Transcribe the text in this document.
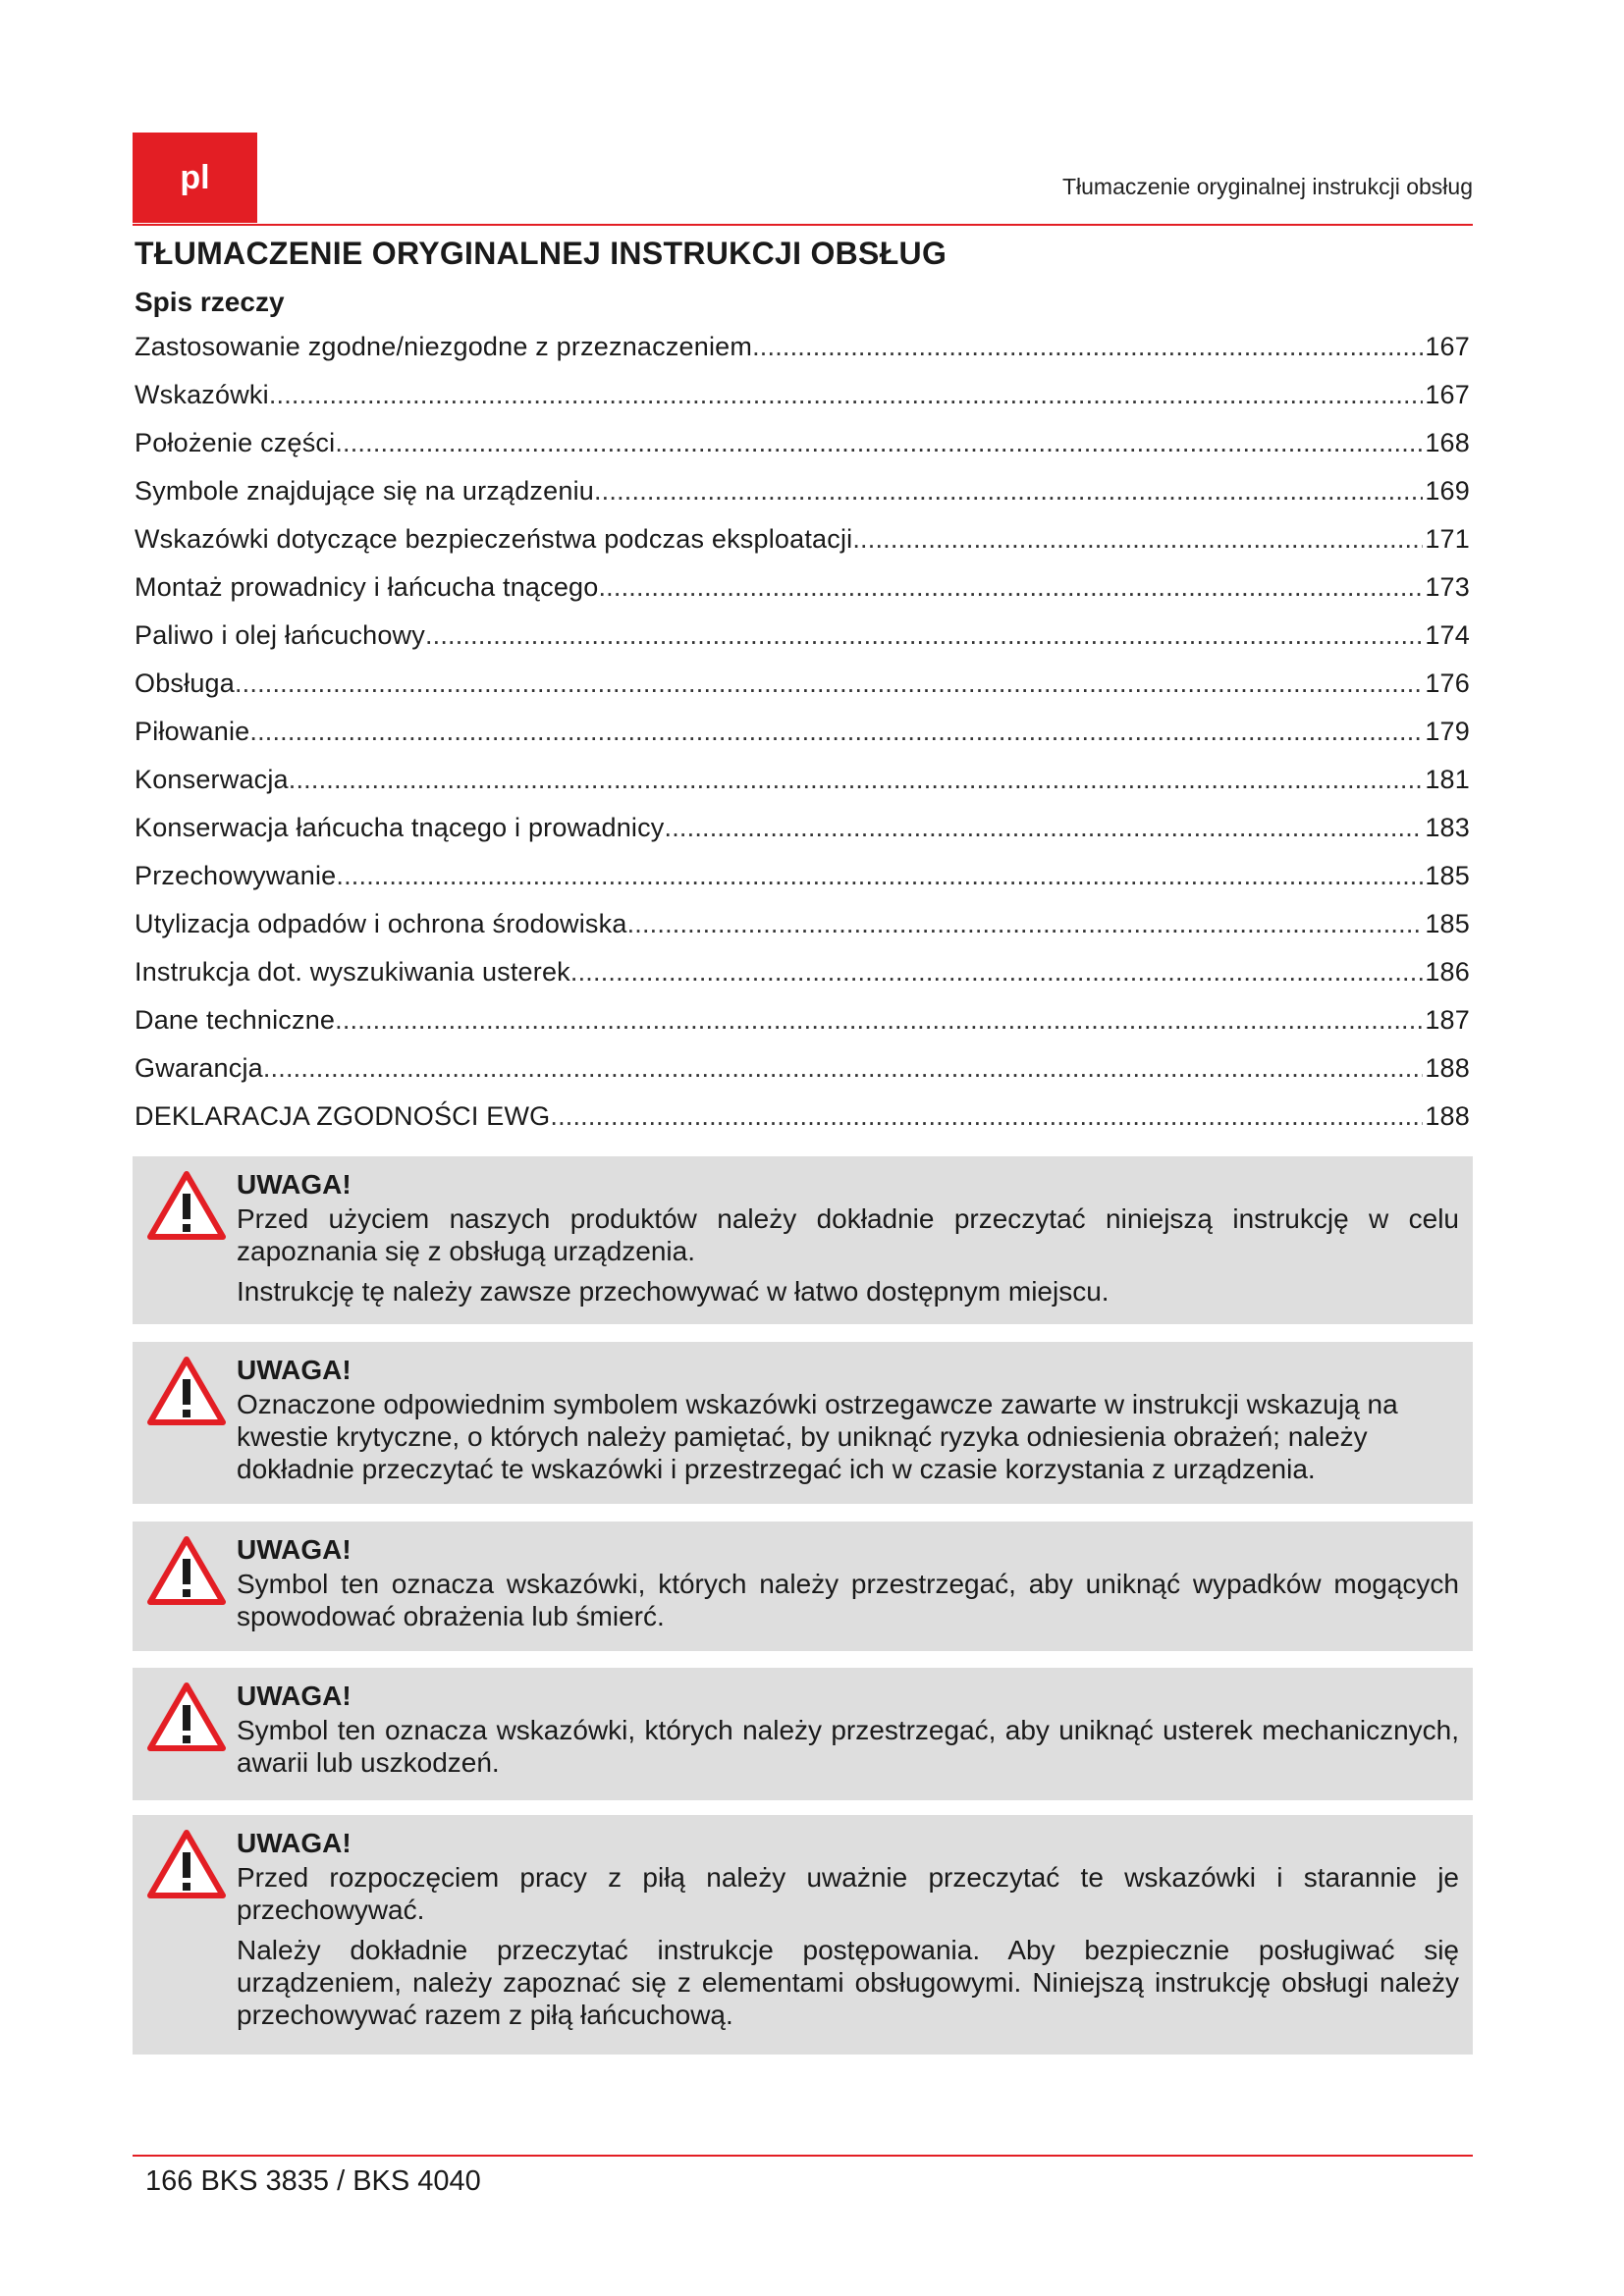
pl	Tłumaczenie oryginalnej instrukcji obsług
TŁUMACZENIE ORYGINALNEJ INSTRUKCJI OBSŁUG
Spis rzeczy
Zastosowanie zgodne/niezgodne z przeznaczeniem .....	167
Wskazówki .....	167
Położenie części .....	168
Symbole znajdujące się na urządzeniu .....	169
Wskazówki dotyczące bezpieczeństwa podczas eksploatacji .....	171
Montaż prowadnicy i łańcucha tnącego .....	173
Paliwo i olej łańcuchowy .....	174
Obsługa .....	176
Piłowanie .....	179
Konserwacja .....	181
Konserwacja łańcucha tnącego i prowadnicy .....	183
Przechowywanie .....	185
Utylizacja odpadów i ochrona środowiska .....	185
Instrukcja dot. wyszukiwania usterek .....	186
Dane techniczne .....	187
Gwarancja .....	188
DEKLARACJA ZGODNOŚCI EWG .....	188
UWAGA!
Przed użyciem naszych produktów należy dokładnie przeczytać niniejszą instrukcję w celu zapoznania się z obsługą urządzenia.
Instrukcję tę należy zawsze przechowywać w łatwo dostępnym miejscu.
UWAGA!
Oznaczone odpowiednim symbolem wskazówki ostrzegawcze zawarte w instrukcji wskazują na kwestie krytyczne, o których należy pamiętać, by uniknąć ryzyka odniesienia obrażeń; należy dokładnie przeczytać te wskazówki i przestrzegać ich w czasie korzystania z urządzenia.
UWAGA!
Symbol ten oznacza wskazówki, których należy przestrzegać, aby uniknąć wypadków mogących spowodować obrażenia lub śmierć.
UWAGA!
Symbol ten oznacza wskazówki, których należy przestrzegać, aby uniknąć usterek mechanicznych, awarii lub uszkodzeń.
UWAGA!
Przed rozpoczęciem pracy z piłą należy uważnie przeczytać te wskazówki i starannie je przechowywać.
Należy dokładnie przeczytać instrukcje postępowania. Aby bezpiecznie posługiwać się urządzeniem, należy zapoznać się z elementami obsługowymi. Niniejszą instrukcję obsługi należy przechowywać razem z piłą łańcuchową.
166 BKS 3835 / BKS 4040
